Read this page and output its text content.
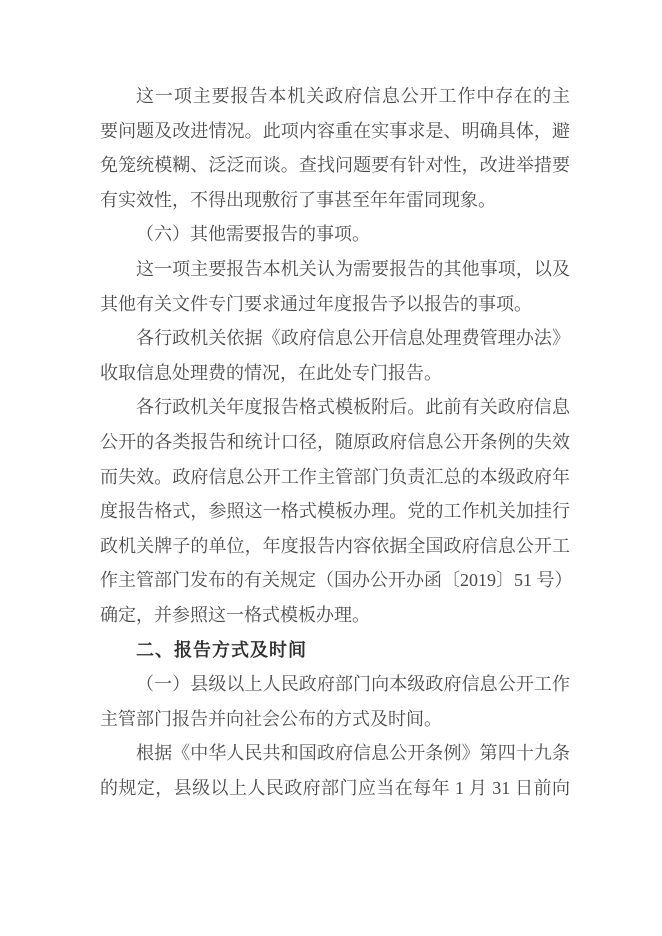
这一项主要报告本机关政府信息公开工作中存在的主
要问题及改进情况。此项内容重在实事求是、明确具体，避
免笼统模糊、泛泛而谈。查找问题要有针对性，改进举措要
有实效性，不得出现敷衍了事甚至年年雷同现象。
（六）其他需要报告的事项。
这一项主要报告本机关认为需要报告的其他事项，以及
其他有关文件专门要求通过年度报告予以报告的事项。
各行政机关依据《政府信息公开信息处理费管理办法》
收取信息处理费的情况，在此处专门报告。
各行政机关年度报告格式模板附后。此前有关政府信息
公开的各类报告和统计口径，随原政府信息公开条例的失效
而失效。政府信息公开工作主管部门负责汇总的本级政府年
度报告格式，参照这一格式模板办理。党的工作机关加挂行
政机关牌子的单位，年度报告内容依据全国政府信息公开工
作主管部门发布的有关规定（国办公开办函〔2019〕51 号）
确定，并参照这一格式模板办理。
二、报告方式及时间
（一）县级以上人民政府部门向本级政府信息公开工作
主管部门报告并向社会公布的方式及时间。
根据《中华人民共和国政府信息公开条例》第四十九条
的规定，县级以上人民政府部门应当在每年 1 月 31 日前向
